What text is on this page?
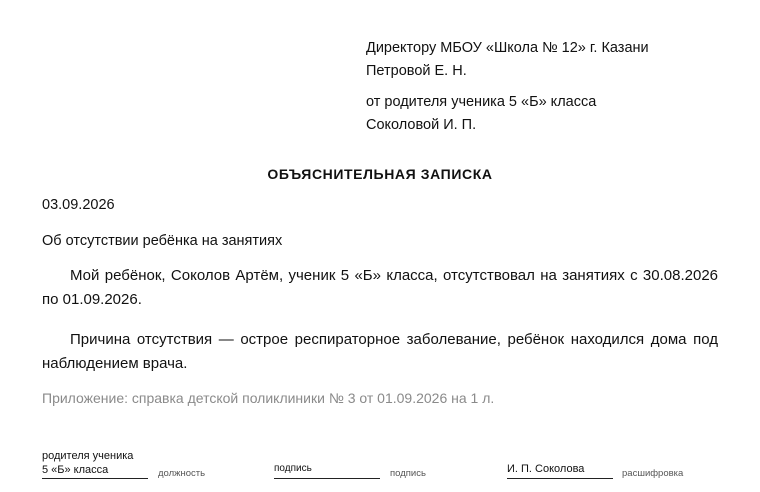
Директору МБОУ «Школа № 12» г. Казани
Петровой Е. Н.
от родителя ученика 5 «Б» класса
Соколовой И. П.
ОБЪЯСНИТЕЛЬНАЯ ЗАПИСКА
03.09.2026
Об отсутствии ребёнка на занятиях
Мой ребёнок, Соколов Артём, ученик 5 «Б» класса, отсутствовал на занятиях с 30.08.2026 по 01.09.2026.
Причина отсутствия — острое респираторное заболевание, ребёнок находился дома под наблюдением врача.
Приложение: справка детской поликлиники № 3 от 01.09.2026 на 1 л.
родителя ученика
5 «Б» класса	должность	подпись	подпись	И. П. Соколова	расшифровка
